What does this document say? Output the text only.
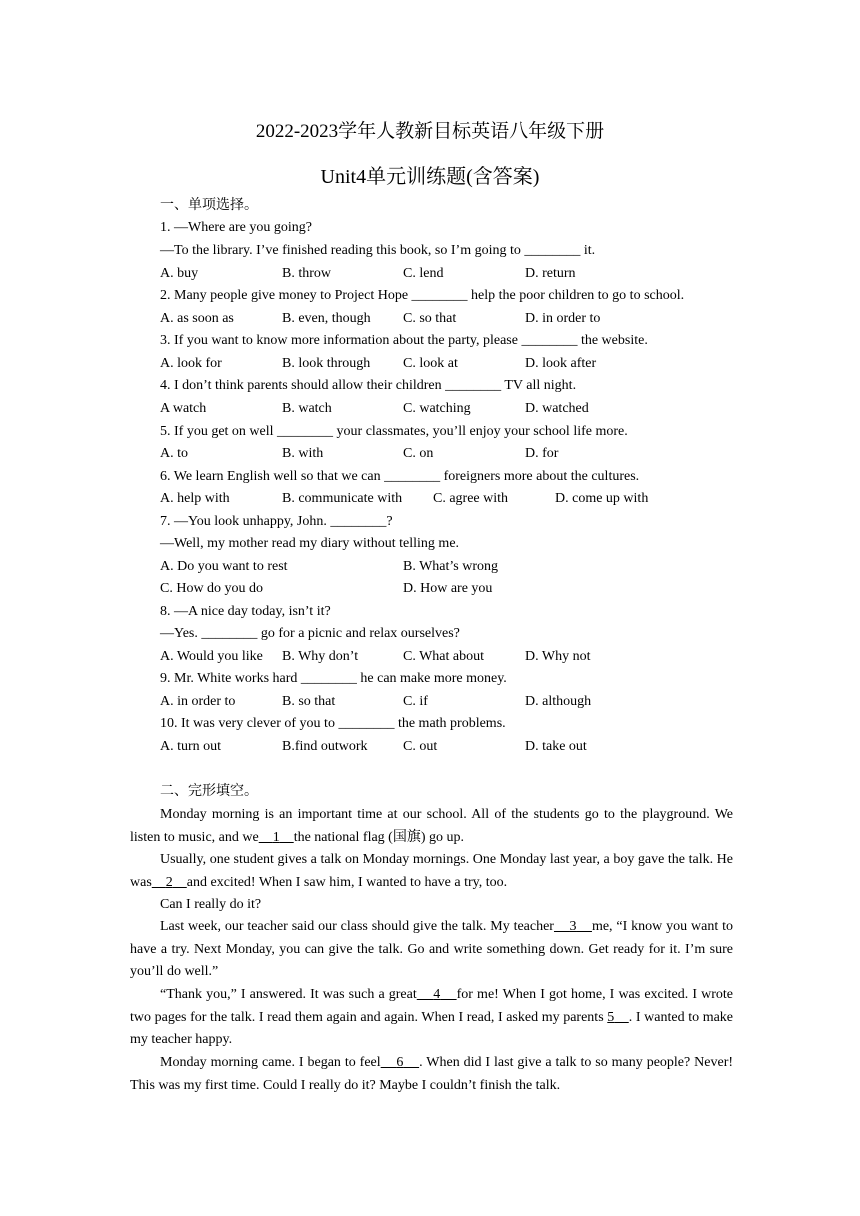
2022-2023学年人教新目标英语八年级下册
Unit4单元训练题(含答案)
一、单项选择。
1. —Where are you going?
—To the library. I’ve finished reading this book, so I’m going to ________ it.
A. buy	B. throw	C. lend	D. return
2. Many people give money to Project Hope ________ help the poor children to go to school.
A. as soon as	B. even, though C. so that	D. in order to
3. If you want to know more information about the party, please ________ the website.
A. look for	B. look through C. look at	D. look after
4. I don’t think parents should allow their children ________ TV all night.
A watch	B. watch	C. watching	D. watched
5. If you get on well ________ your classmates, you’ll enjoy your school life more.
A. to	B. with	C. on	D. for
6. We learn English well so that we can ________ foreigners more about the cultures.
A. help with	B. communicate with C. agree with	D. come up with
7. —You look unhappy, John. ________?
—Well, my mother read my diary without telling me.
A. Do you want to rest	B. What’s wrong
C. How do you do	D. How are you
8. —A nice day today, isn’t it?
—Yes. ________ go for a picnic and relax ourselves?
A. Would you like B. Why don’t	C. What about	D. Why not
9. Mr. White works hard ________ he can make more money.
A. in order to	B. so that	C. if	D. although
10. It was very clever of you to ________ the math problems.
A. turn out	B.find outwork	C. out	D. take out
二、完形填空。
Monday morning is an important time at our school. All of the students go to the playground. We listen to music, and we 1 the national flag (国旗) go up.
Usually, one student gives a talk on Monday mornings. One Monday last year, a boy gave the talk. He was 2 and excited! When I saw him, I wanted to have a try, too.
Can I really do it?
Last week, our teacher said our class should give the talk. My teacher 3 me, “I know you want to have a try. Next Monday, you can give the talk. Go and write something down. Get ready for it. I’m sure you’ll do well.”
“Thank you,” I answered. It was such a great 4 for me! When I got home, I was excited. I wrote two pages for the talk. I read them again and again. When I read, I asked my parents 5 . I wanted to make my teacher happy.
Monday morning came. I began to feel 6 . When did I last give a talk to so many people? Never! This was my first time. Could I really do it? Maybe I couldn’t finish the talk.
